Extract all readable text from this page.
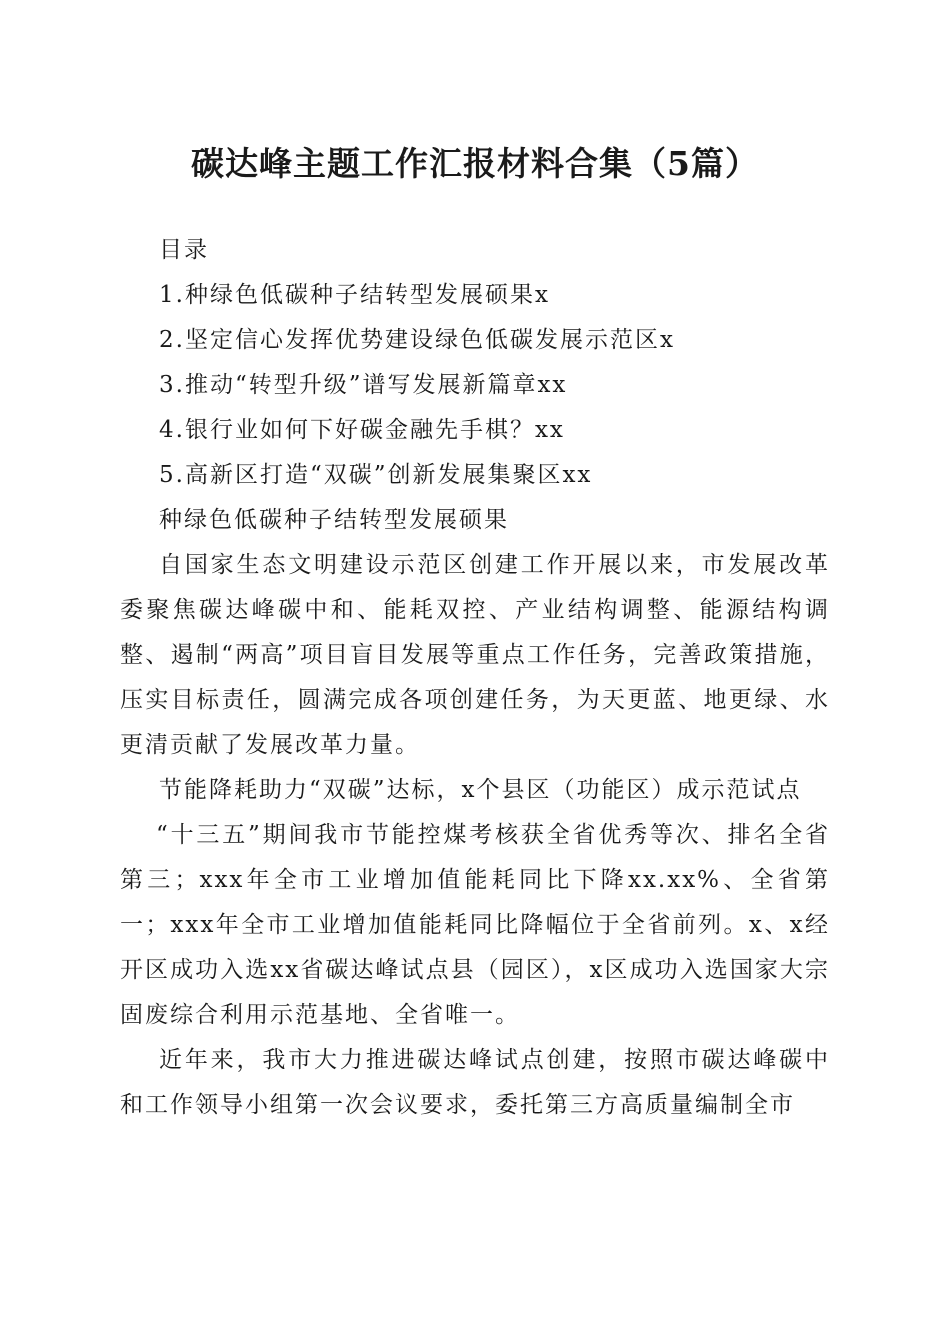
碳达峰主题工作汇报材料合集（5篇）

目录

1.种绿色低碳种子结转型发展硕果x

2.坚定信心发挥优势建设绿色低碳发展示范区x

3.推动“转型升级”谱写发展新篇章xx

4.银行业如何下好碳金融先手棋？xx

5.高新区打造“双碳”创新发展集聚区xx

种绿色低碳种子结转型发展硕果

自国家生态文明建设示范区创建工作开展以来，市发展改革委聚焦碳达峰碳中和、能耗双控、产业结构调整、能源结构调整、遏制“两高”项目盲目发展等重点工作任务，完善政策措施，压实目标责任，圆满完成各项创建任务，为天更蓝、地更绿、水更清贡献了发展改革力量。

节能降耗助力“双碳”达标，x个县区（功能区）成示范试点

“十三五”期间我市节能控煤考核获全省优秀等次、排名全省第三；xxx年全市工业增加值能耗同比下降xx.xx%、全省第一；xxx年全市工业增加值能耗同比降幅位于全省前列。x、x经开区成功入选xx省碳达峰试点县（园区），x区成功入选国家大宗固废综合利用示范基地、全省唯一。

近年来，我市大力推进碳达峰试点创建，按照市碳达峰碳中和工作领导小组第一次会议要求，委托第三方高质量编制全市
